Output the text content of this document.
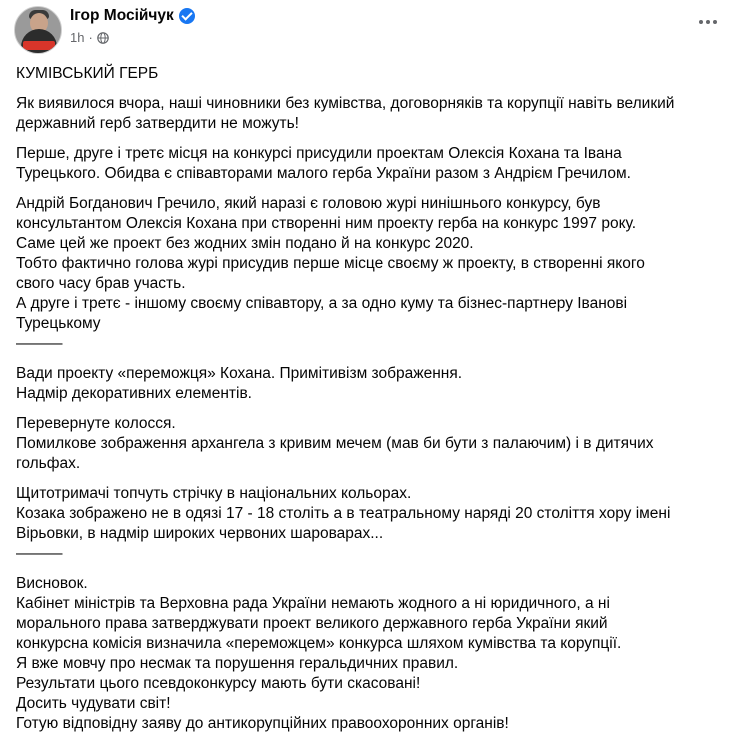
Ігор Мосійчук
1h ·
КУМІВСЬКИЙ ГЕРБ
Як виявилося вчора, наші чиновники без кумівства, договорняків та корупції навіть великий
державний герб затвердити не можуть!
Перше, друге і третє місця на конкурсі присудили проектам Олексія Кохана та Івана
Турецького. Обидва є співавторами малого герба України разом з Андрієм Гречилом.
Андрій Богданович Гречило, який наразі є головою журі нинішнього конкурсу, був
консультантом Олексія Кохана при створенні ним проекту герба на конкурс 1997 року.
Саме цей же проект без жодних змін подано й на конкурс 2020.
Тобто фактично голова журі присудив перше місце своєму ж проекту, в створенні якого
свого часу брав участь.
А друге і третє - іншому своєму співавтору, а за одно куму та бізнес-партнеру Іванові
Турецькому
———
Вади проекту «переможця» Кохана. Примітивізм зображення.
Надмір декоративних елементів.
Перевернуте колосся.
Помилкове зображення архангела з кривим мечем (мав би бути з палаючим) і в дитячих
гольфах.
Щитотримачі топчуть стрічку в національних кольорах.
Козака зображено не в одязі 17 - 18 століть а в театральному наряді 20 століття хору імені
Вірьовки, в надмір широких червоних шароварах...
———
Висновок.
Кабінет міністрів та Верховна рада України немають жодного а ні юридичного, а ні
морального права затверджувати проект великого державного герба України який
конкурсна комісія визначила «переможцем» конкурса шляхом кумівства та корупції.
Я вже мовчу про несмак та порушення геральдичних правил.
Результати цього псевдоконкурсу мають бути скасовані!
Досить чудувати світ!
Готую відповідну заяву до антикорупційних правоохоронних органів!
